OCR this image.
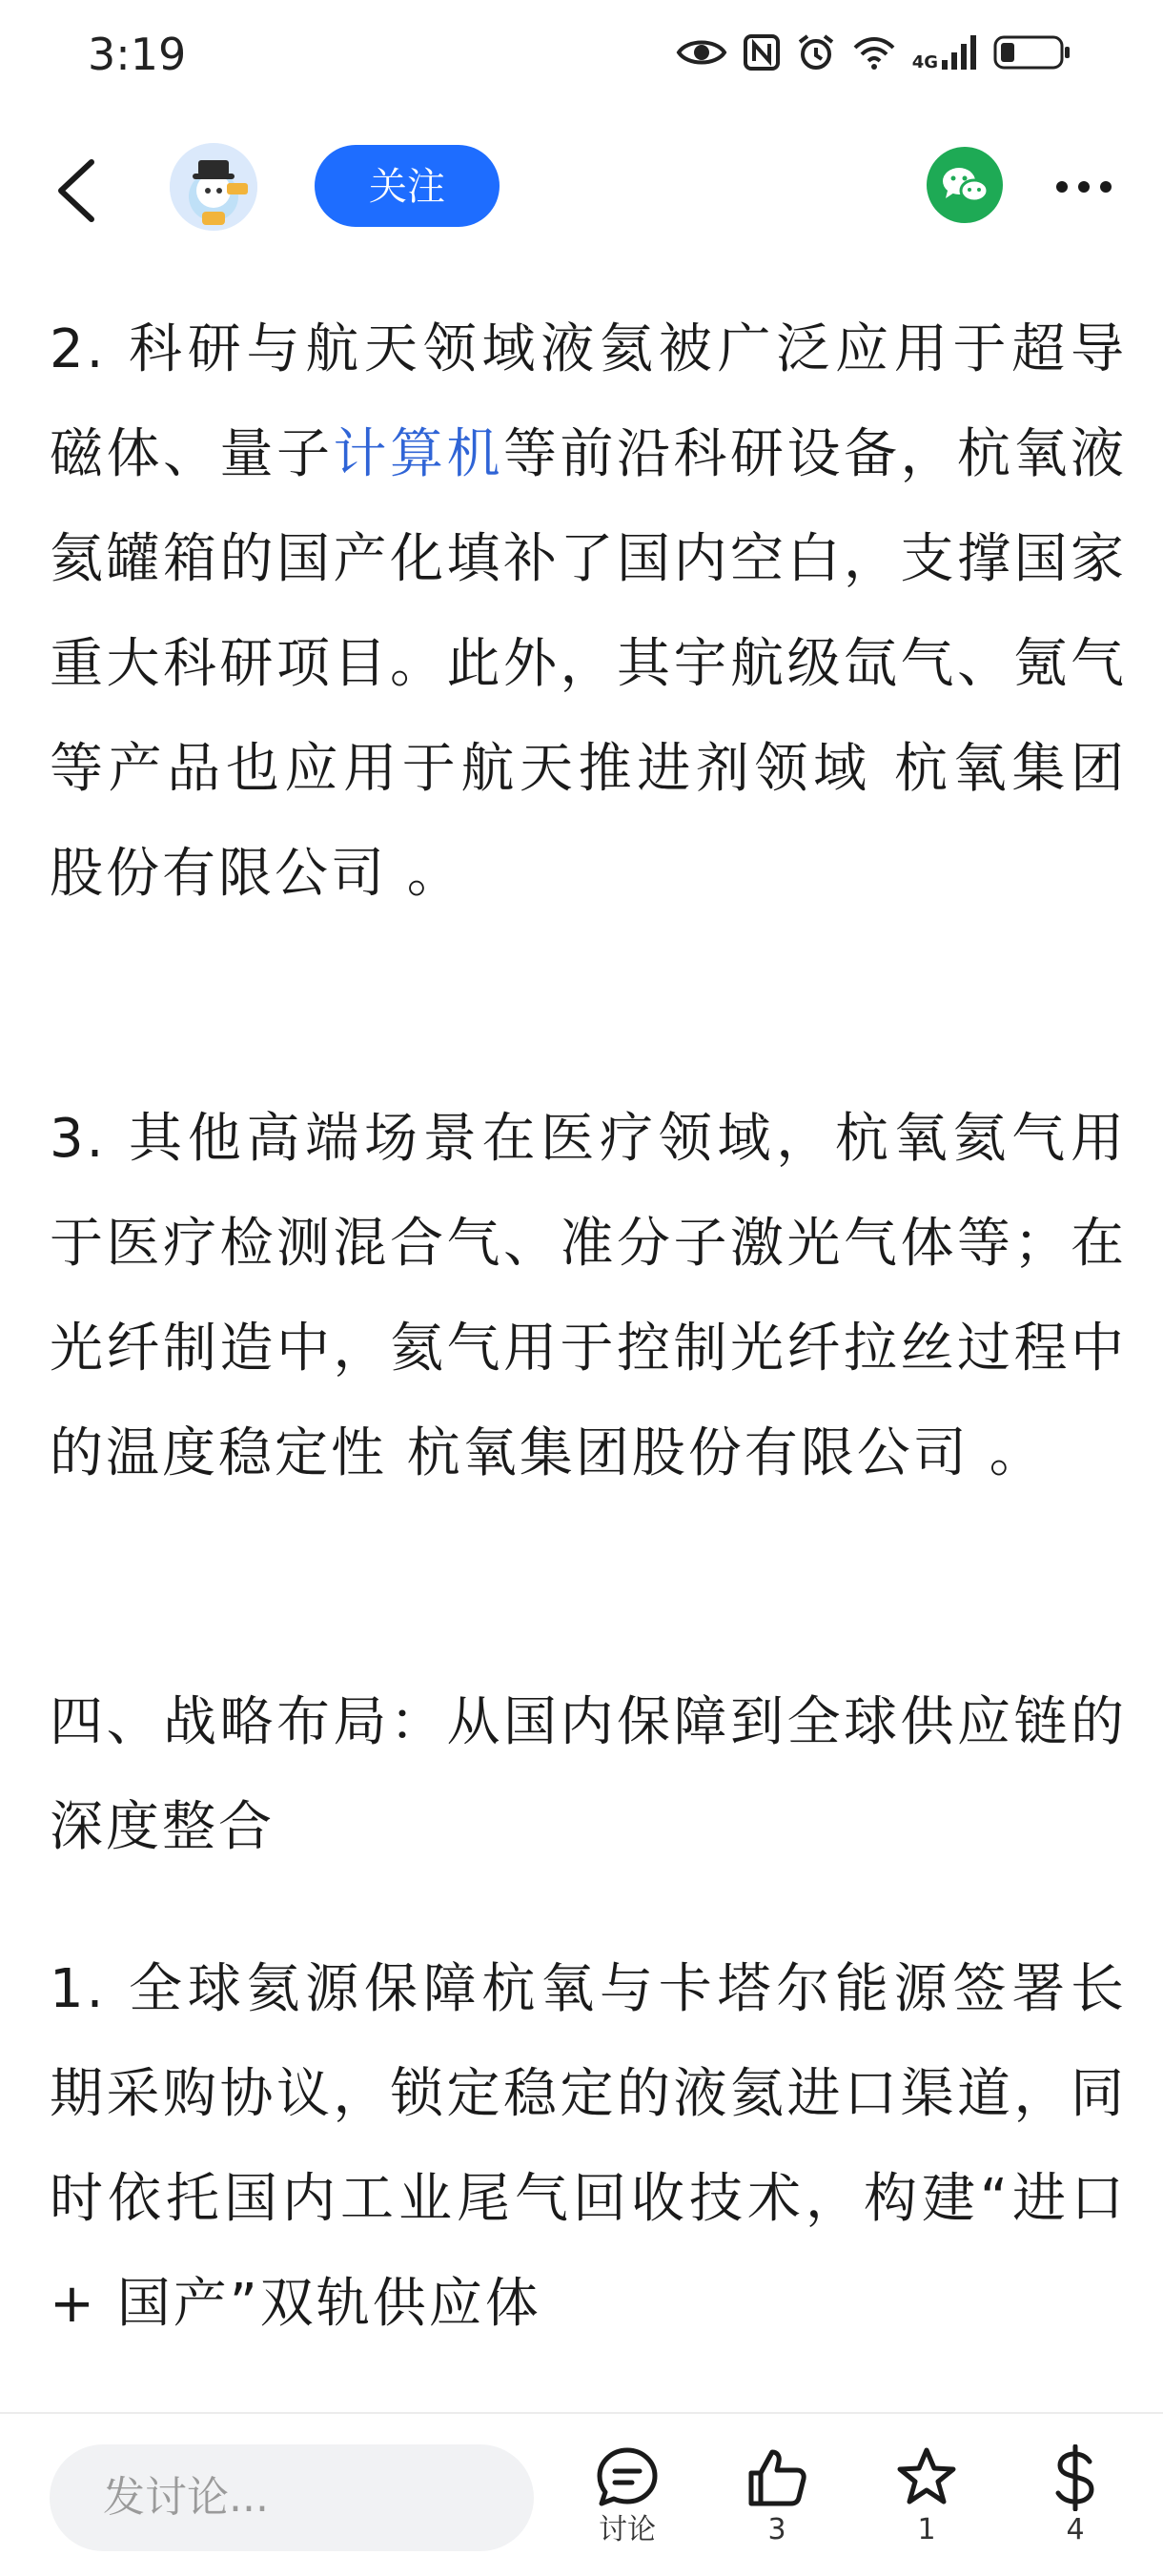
3:19	4G
关注

2. 科研与航天领域液氦被广泛应用于超导磁体、量子计算机等前沿科研设备，杭氧液氦罐箱的国产化填补了国内空白，支撑国家重大科研项目。此外，其宇航级氙气、氪气等产品也应用于航天推进剂领域 杭氧集团股份有限公司 。

3. 其他高端场景在医疗领域，杭氧氦气用于医疗检测混合气、准分子激光气体等；在光纤制造中，氦气用于控制光纤拉丝过程中的温度稳定性 杭氧集团股份有限公司 。

四、战略布局：从国内保障到全球供应链的深度整合

1. 全球氦源保障杭氧与卡塔尔能源签署长期采购协议，锁定稳定的液氦进口渠道，同时依托国内工业尾气回收技术，构建“进口 + 国产”双轨供应体

发讨论...
讨论	3	1	4
